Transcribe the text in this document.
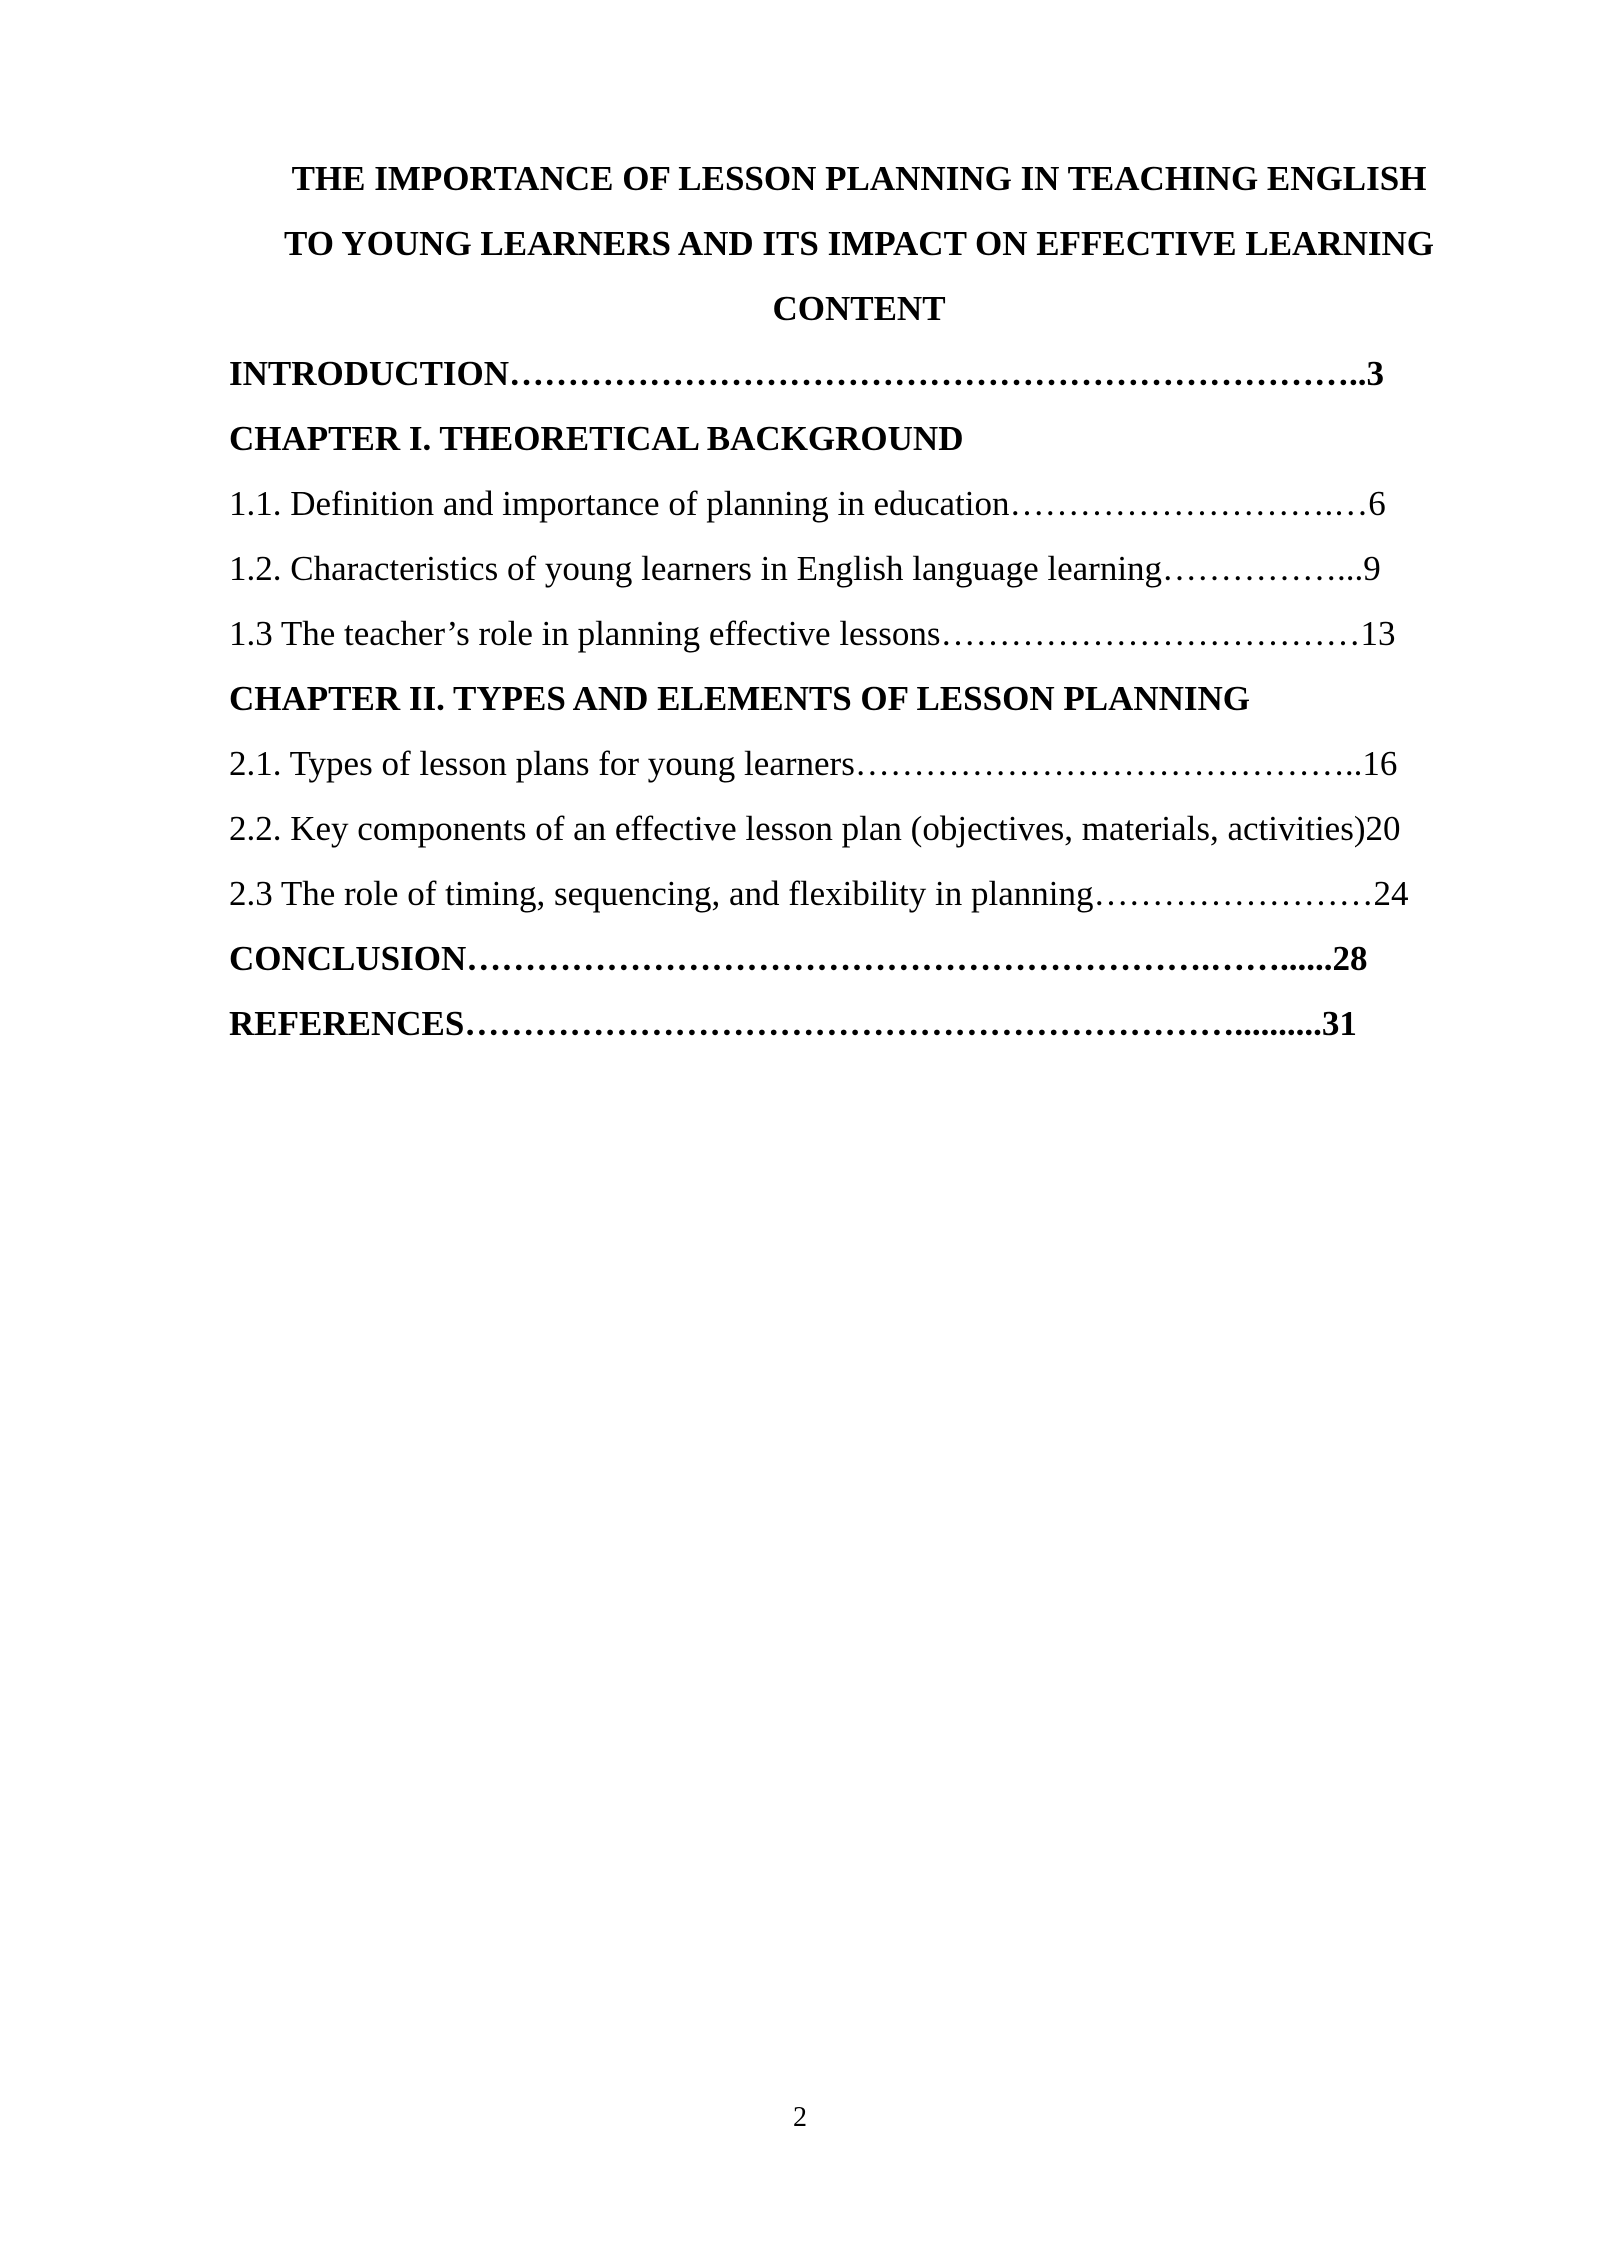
THE IMPORTANCE OF LESSON PLANNING IN TEACHING ENGLISH
TO YOUNG LEARNERS AND ITS IMPACT ON EFFECTIVE LEARNING
CONTENT
INTRODUCTION………………………………………………………………..3
CHAPTER I. THEORETICAL BACKGROUND
1.1. Definition and importance of planning in education……………………….…6
1.2. Characteristics of young learners in English language learning……………...9
1.3 The teacher’s role in planning effective lessons………………………………13
CHAPTER II. TYPES AND ELEMENTS OF LESSON PLANNING
2.1. Types of lesson plans for young learners……………………………………..16
2.2. Key components of an effective lesson plan (objectives, materials, activities)20
2.3 The role of timing, sequencing, and flexibility in planning……………………24
CONCLUSION……………………………………………………….……......28
REFERENCES…………………………………………………………..........31
2
